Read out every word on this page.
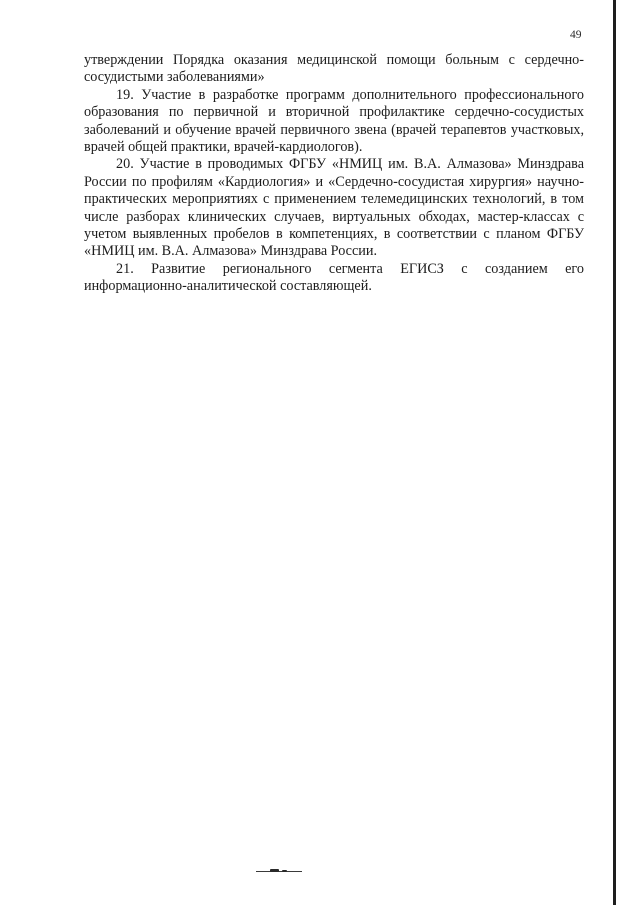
49

утверждении Порядка оказания медицинской помощи больным с сердечно-сосудистыми заболеваниями»

19. Участие в разработке программ дополнительного профессионального образования по первичной и вторичной профилактике сердечно-сосудистых заболеваний и обучение врачей первичного звена (врачей терапевтов участковых, врачей общей практики, врачей-кардиологов).

20. Участие в проводимых ФГБУ «НМИЦ им. В.А. Алмазова» Минздрава России по профилям «Кардиология» и «Сердечно-сосудистая хирургия» научно-практических мероприятиях с применением телемедицинских технологий, в том числе разборах клинических случаев, виртуальных обходах, мастер-классах с учетом выявленных пробелов в компетенциях, в соответствии с планом ФГБУ «НМИЦ им. В.А. Алмазова» Минздрава России.

21. Развитие регионального сегмента ЕГИСЗ с созданием его информационно-аналитической составляющей.
